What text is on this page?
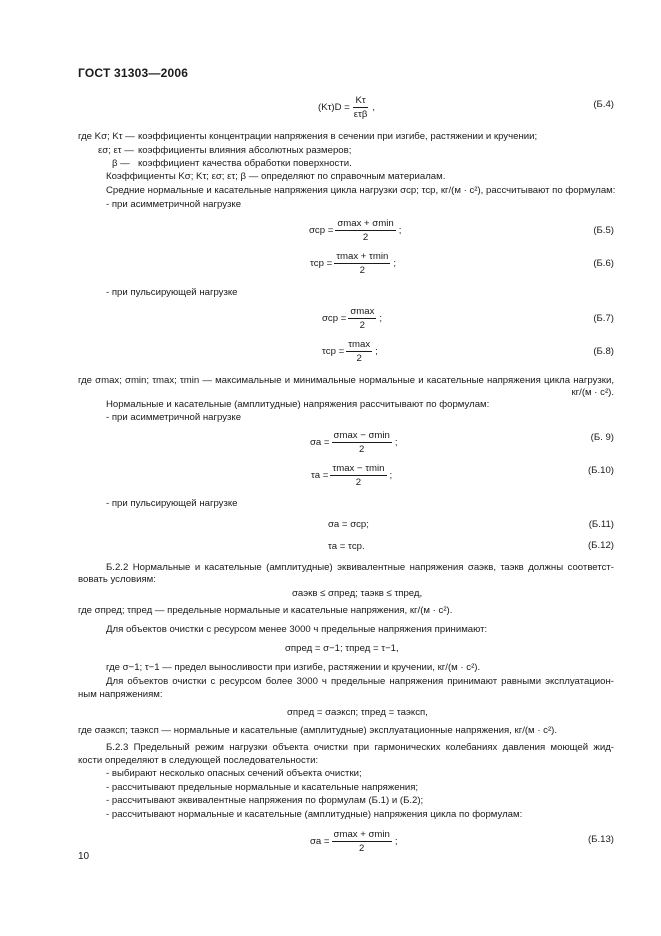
ГОСТ 31303—2006
$(K\tau)D = \frac{K\tau}{\text{ετβ}}$ ,	(Б.4)
где Kσ; Kτ — коэффициенты концентрации напряжения в сечении при изгибе, растяжении и кручении;
εσ; ετ — коэффициенты влияния абсолютных размеров;
β — коэффициент качества обработки поверхности.
Коэффициенты Kσ; Kτ; εσ; ετ; β — определяют по справочным материалам.
Средние нормальные и касательные напряжения цикла нагрузки σср; τср, кг/(м · с²), рассчитывают по формулам:
- при асимметричной нагрузке
$\sigma ср = \frac{\sigma\max + \sigma\min}{2}$ ;	(Б.5)
$\tau ср = \frac{\tau\max + \tau\min}{2}$ ;	(Б.6)
- при пульсирующей нагрузке
$\sigma ср = \frac{\sigma\max}{2}$ ;	(Б.7)
$\tau ср = \frac{\tau\max}{2}$ ;	(Б.8)
где σmax; σmin; τmax; τmin — максимальные и минимальные нормальные и касательные напряжения цикла нагрузки,
кг/(м · с²).
Нормальные и касательные (амплитудные) напряжения рассчитывают по формулам:
- при асимметричной нагрузке
$\sigma а = \frac{\sigma\max - \sigma\min}{2}$ ;	(Б. 9)
$\tau а = \frac{\tau\max - \tau\min}{2}$ ;	(Б.10)
- при пульсирующей нагрузке
σа = σср;	(Б.11)
τа = τср.	(Б.12)
Б.2.2 Нормальные и касательные (амплитудные) эквивалентные напряжения σаэкв, τаэкв должны соответст-
вовать условиям:
σаэкв ≤ σпред; τаэкв ≤ τпред,
где σпред; τпред — предельные нормальные и касательные напряжения, кг/(м · с²).
Для объектов очистки с ресурсом менее 3000 ч предельные напряжения принимают:
σпред = σ−1; τпред = τ−1,
где σ−1; τ−1 — предел выносливости при изгибе, растяжении и кручении, кг/(м · с²).
Для объектов очистки с ресурсом более 3000 ч предельные напряжения принимают равными эксплуатацион-
ным напряжениям:
σпред = σаэксп; τпред = τаэксп,
где σаэксп; τаэксп — нормальные и касательные (амплитудные) эксплуатационные напряжения, кг/(м · с²).
Б.2.3 Предельный режим нагрузки объекта очистки при гармонических колебаниях давления моющей жид-
кости определяют в следующей последовательности:
- выбирают несколько опасных сечений объекта очистки;
- рассчитывают предельные нормальные и касательные напряжения;
- рассчитывают эквивалентные напряжения по формулам (Б.1) и (Б.2);
- рассчитывают нормальные и касательные (амплитудные) напряжения цикла по формулам:
$\sigma а = \frac{\sigma\max + \sigma\min}{2}$ ;	(Б.13)
10
